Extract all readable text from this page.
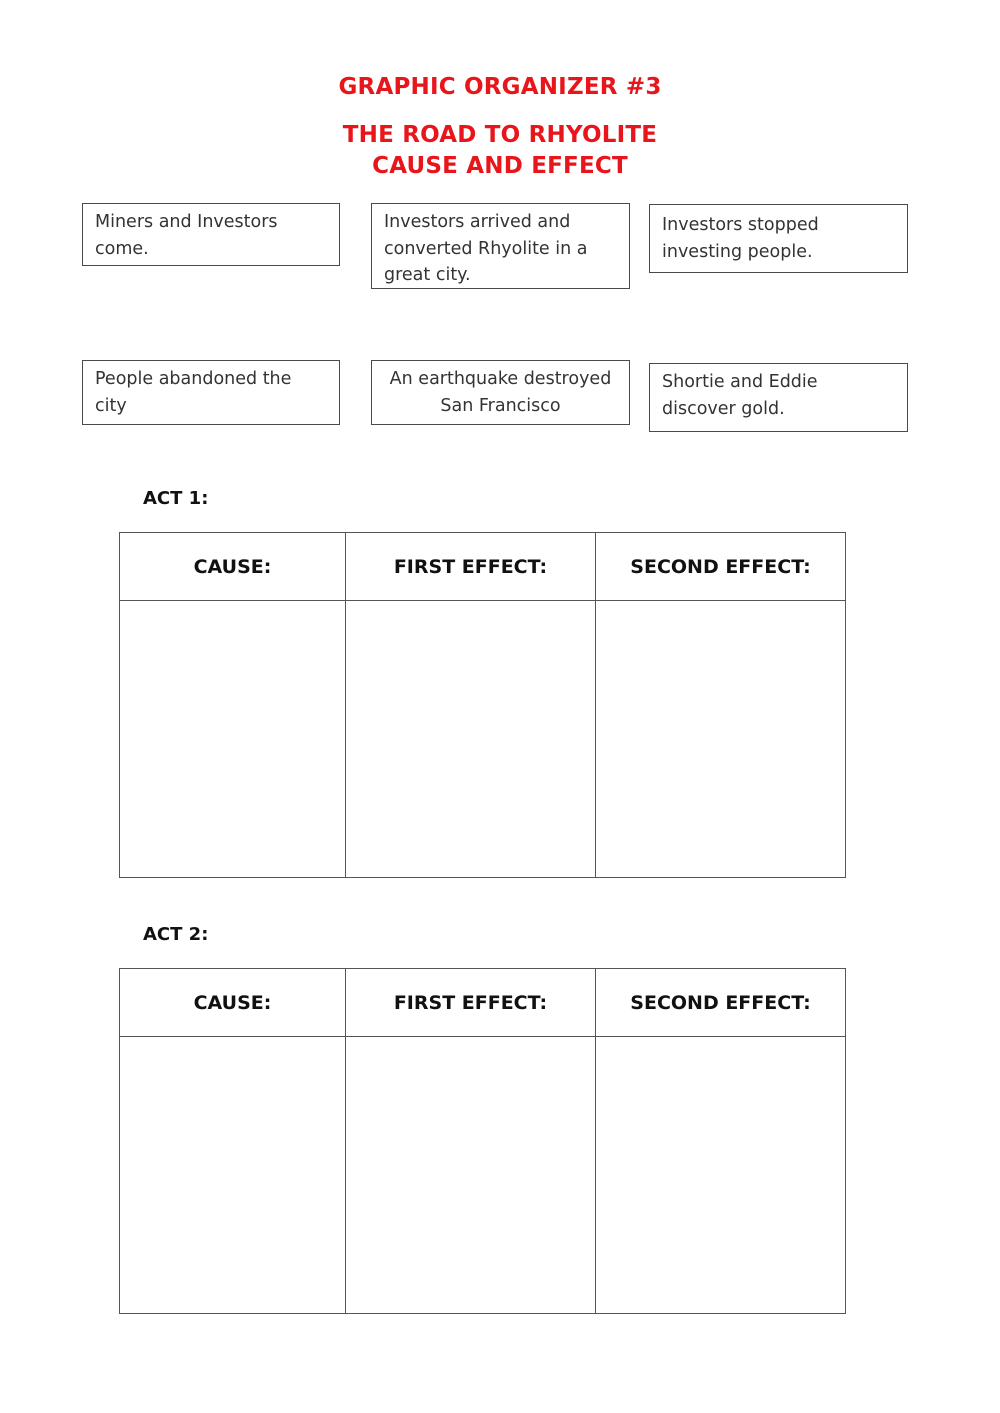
GRAPHIC ORGANIZER #3
THE ROAD TO RHYOLITE
CAUSE AND EFFECT
Miners and Investors come.
Investors arrived and converted Rhyolite in a great city.
Investors stopped investing people.
People abandoned the city
An earthquake destroyed San Francisco
Shortie and Eddie discover gold.
ACT 1:
CAUSE:	FIRST EFFECT:	SECOND EFFECT:

ACT 2:
CAUSE:	FIRST EFFECT:	SECOND EFFECT:
